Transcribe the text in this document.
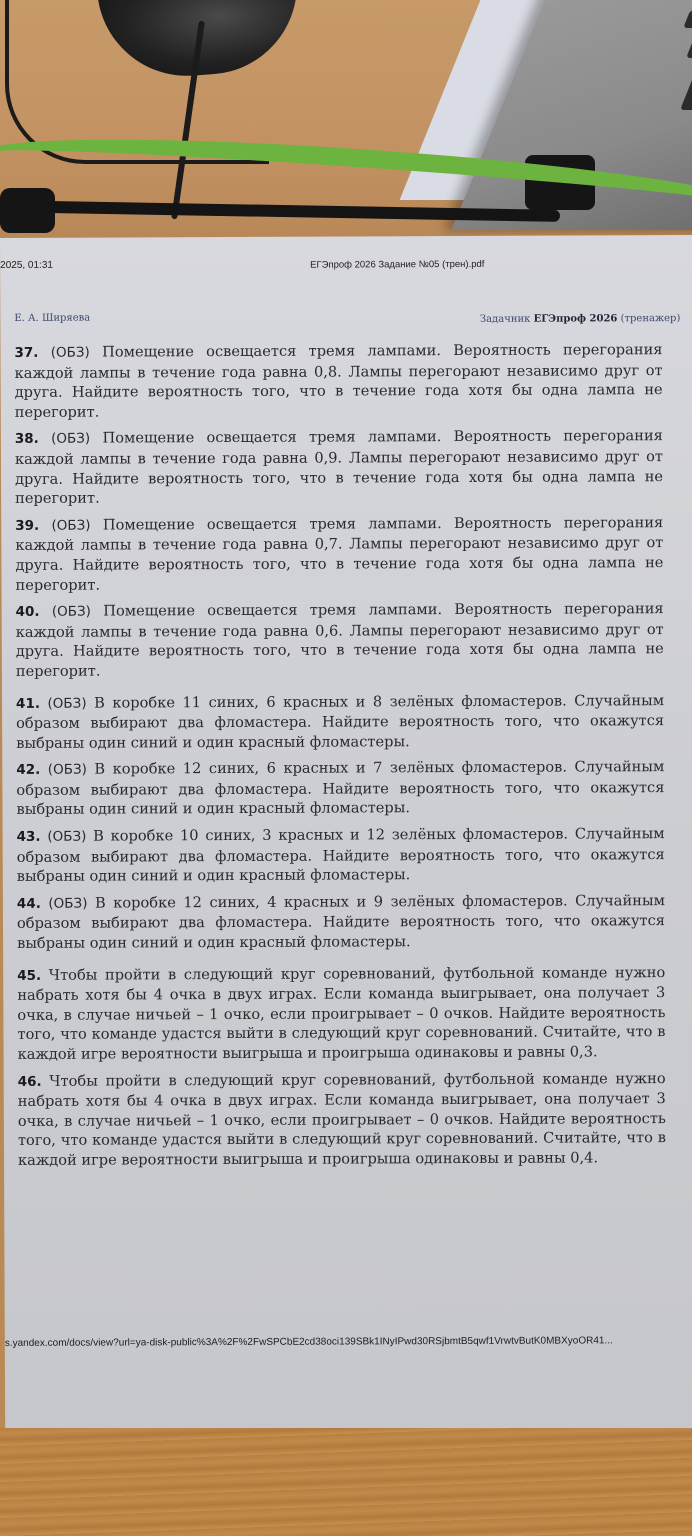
2025, 01:31	ЕГЭпроф 2026 Задание №05 (трен).pdf
Е. А. Ширяева	Задачник ЕГЭпроф 2026 (тренажер)

37. (ОБЗ) Помещение освещается тремя лампами. Вероятность перегорания каждой лампы в течение года равна 0,8. Лампы перегорают независимо друг от друга. Найдите вероятность того, что в течение года хотя бы одна лампа не перегорит.

38. (ОБЗ) Помещение освещается тремя лампами. Вероятность перегорания каждой лампы в течение года равна 0,9. Лампы перегорают независимо друг от друга. Найдите вероятность того, что в течение года хотя бы одна лампа не перегорит.

39. (ОБЗ) Помещение освещается тремя лампами. Вероятность перегорания каждой лампы в течение года равна 0,7. Лампы перегорают независимо друг от друга. Найдите вероятность того, что в течение года хотя бы одна лампа не перегорит.

40. (ОБЗ) Помещение освещается тремя лампами. Вероятность перегорания каждой лампы в течение года равна 0,6. Лампы перегорают независимо друг от друга. Найдите вероятность того, что в течение года хотя бы одна лампа не перегорит.

41. (ОБЗ) В коробке 11 синих, 6 красных и 8 зелёных фломастеров. Случайным образом выбирают два фломастера. Найдите вероятность того, что окажутся выбраны один синий и один красный фломастеры.

42. (ОБЗ) В коробке 12 синих, 6 красных и 7 зелёных фломастеров. Случайным образом выбирают два фломастера. Найдите вероятность того, что окажутся выбраны один синий и один красный фломастеры.

43. (ОБЗ) В коробке 10 синих, 3 красных и 12 зелёных фломастеров. Случайным образом выбирают два фломастера. Найдите вероятность того, что окажутся выбраны один синий и один красный фломастеры.

44. (ОБЗ) В коробке 12 синих, 4 красных и 9 зелёных фломастеров. Случайным образом выбирают два фломастера. Найдите вероятность того, что окажутся выбраны один синий и один красный фломастеры.

45. Чтобы пройти в следующий круг соревнований, футбольной команде нужно набрать хотя бы 4 очка в двух играх. Если команда выигрывает, она получает 3 очка, в случае ничьей – 1 очко, если проигрывает – 0 очков. Найдите вероятность того, что команде удастся выйти в следующий круг соревнований. Считайте, что в каждой игре вероятности выигрыша и проигрыша одинаковы и равны 0,3.

46. Чтобы пройти в следующий круг соревнований, футбольной команде нужно набрать хотя бы 4 очка в двух играх. Если команда выигрывает, она получает 3 очка, в случае ничьей – 1 очко, если проигрывает – 0 очков. Найдите вероятность того, что команде удастся выйти в следующий круг соревнований. Считайте, что в каждой игре вероятности выигрыша и проигрыша одинаковы и равны 0,4.

s.yandex.com/docs/view?url=ya-disk-public%3A%2F%2FwSPCbE2cd38oci139SBk1INyIPwd30RSjbmtB5qwf1VrwtvButK0MBXyoOR41...
